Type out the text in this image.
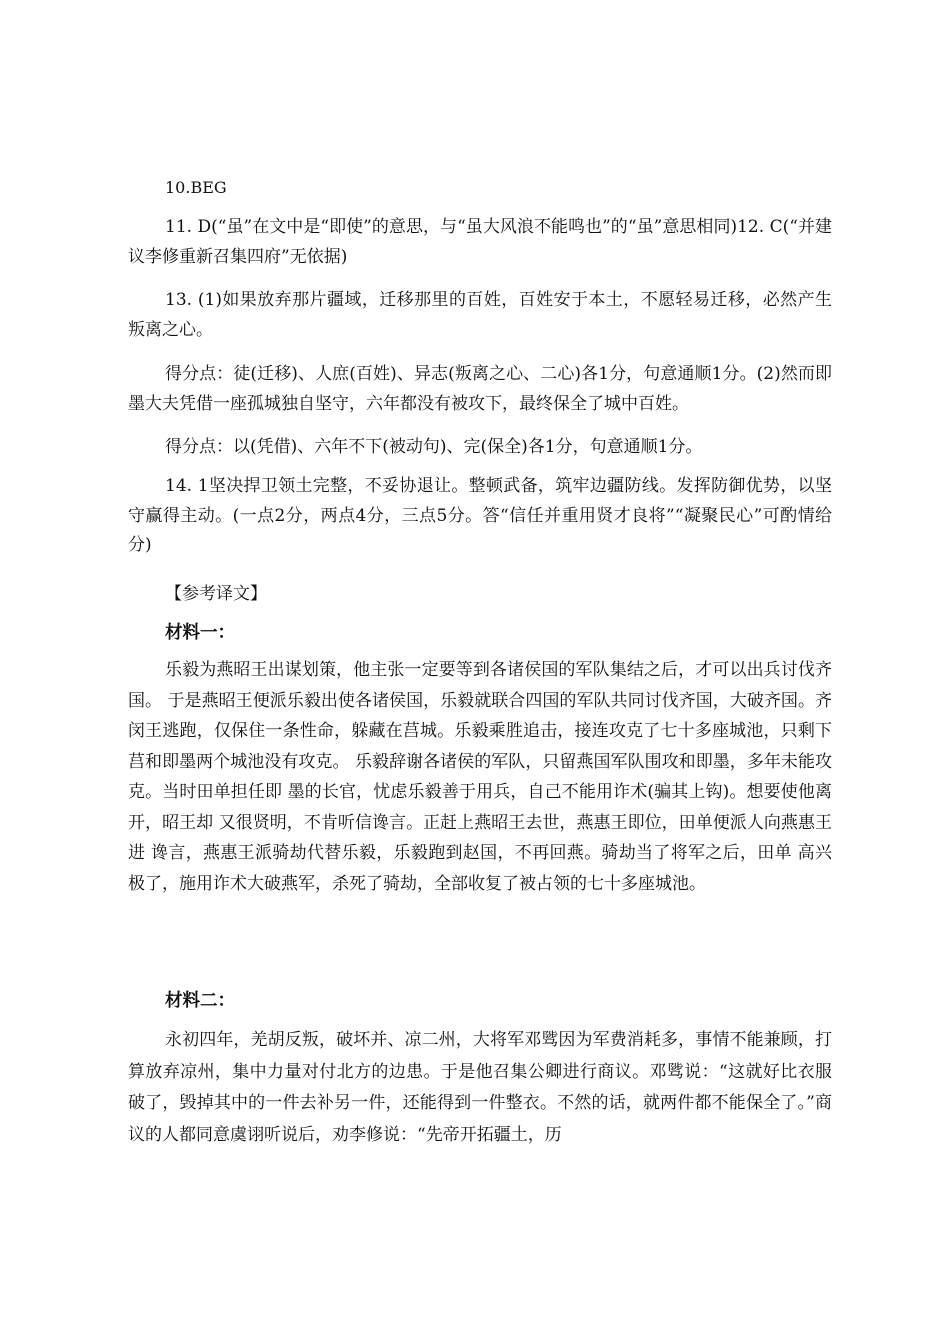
10.BEG

11. D(“虽”在文中是“即使”的意思，与“虽大风浪不能鸣也”的“虽”意思相同)12. C(“并建议李修重新召集四府”无依据)

13. (1)如果放弃那片疆域，迁移那里的百姓，百姓安于本土，不愿轻易迁移，必然产生叛离之心。

得分点：徒(迁移)、人庶(百姓)、异志(叛离之心、二心)各1分，句意通顺1分。(2)然而即墨大夫凭借一座孤城独自坚守，六年都没有被攻下，最终保全了城中百姓。

得分点：以(凭借)、六年不下(被动句)、完(保全)各1分，句意通顺1分。

14. 1坚决捍卫领土完整，不妥协退让。整顿武备，筑牢边疆防线。发挥防御优势，以坚守赢得主动。(一点2分，两点4分，三点5分。答“信任并重用贤才良将”“凝聚民心”可酌情给分)

【参考译文】

材料一：

乐毅为燕昭王出谋划策，他主张一定要等到各诸侯国的军队集结之后，才可以出兵讨伐齐国。 于是燕昭王便派乐毅出使各诸侯国，乐毅就联合四国的军队共同讨伐齐国，大破齐国。齐闵王逃跑，仅保住一条性命，躲藏在莒城。乐毅乘胜追击，接连攻克了七十多座城池，只剩下莒和即墨两个城池没有攻克。 乐毅辞谢各诸侯的军队，只留燕国军队围攻和即墨，多年未能攻克。当时田单担任即 墨的长官，忧虑乐毅善于用兵，自己不能用诈术(骗其上钩)。想要使他离开，昭王却 又很贤明，不肯听信谗言。正赶上燕昭王去世，燕惠王即位，田单便派人向燕惠王进 谗言，燕惠王派骑劫代替乐毅，乐毅跑到赵国，不再回燕。骑劫当了将军之后，田单 高兴极了，施用诈术大破燕军，杀死了骑劫，全部收复了被占领的七十多座城池。

材料二：

永初四年，羌胡反叛，破坏并、凉二州，大将军邓骘因为军费消耗多，事情不能兼顾，打算放弃凉州，集中力量对付北方的边患。于是他召集公卿进行商议。邓骘说：“这就好比衣服破了，毁掉其中的一件去补另一件，还能得到一件整衣。不然的话，就两件都不能保全了。”商议的人都同意虞诩听说后，劝李修说：“先帝开拓疆土，历
